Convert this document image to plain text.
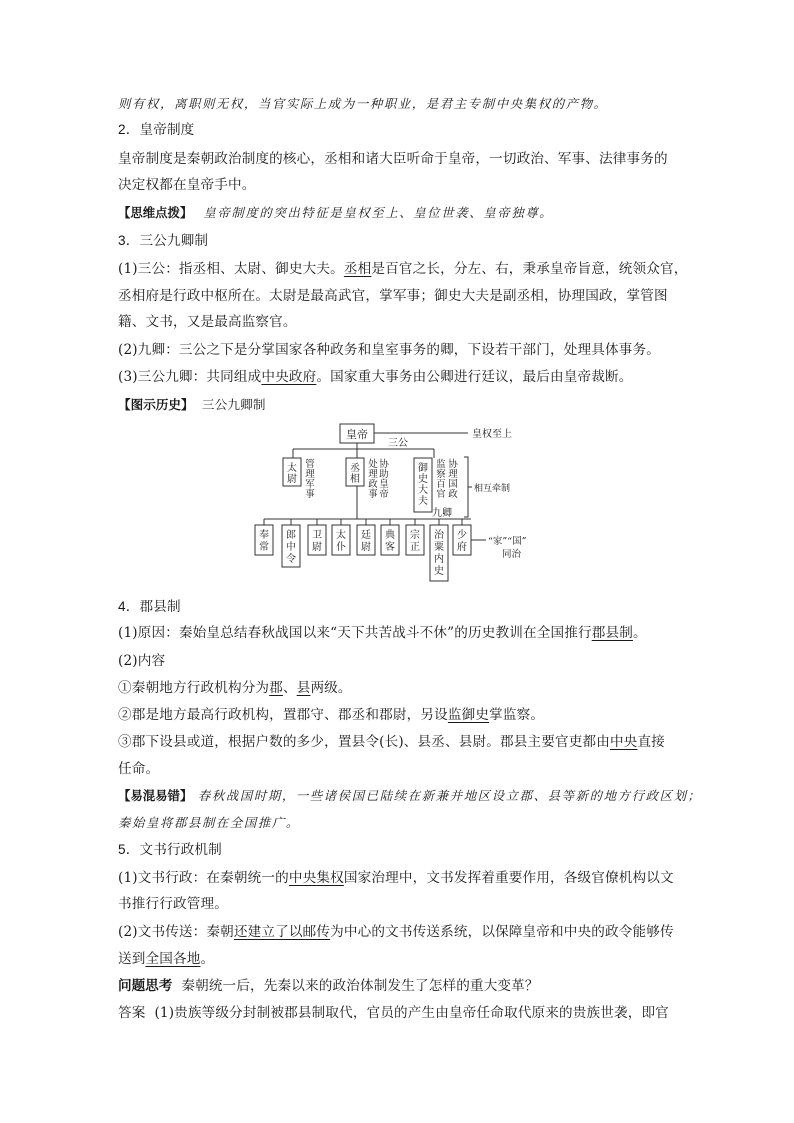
则有权，离职则无权，当官实际上成为一种职业，是君主专制中央集权的产物。
2．皇帝制度
皇帝制度是秦朝政治制度的核心，丞相和诸大臣听命于皇帝，一切政治、军事、法律事务的
决定权都在皇帝手中。
【思维点拨】 皇帝制度的突出特征是皇权至上、皇位世袭、皇帝独尊。
3．三公九卿制
(1)三公：指丞相、太尉、御史大夫。丞相是百官之长，分左、右，秉承皇帝旨意，统领众官，
丞相府是行政中枢所在。太尉是最高武官，掌军事；御史大夫是副丞相，协理国政，掌管图
籍、文书，又是最高监察官。
(2)九卿：三公之下是分掌国家各种政务和皇室事务的卿，下设若干部门，处理具体事务。
(3)三公九卿：共同组成中央政府。国家重大事务由公卿进行廷议，最后由皇帝裁断。
【图示历史】 三公九卿制
皇帝
三公
皇权至上
太
尉
丞
相
御
史
大
夫
管
理
军
事
处
理
政
事
协
助
皇
帝
监
察
百
官
协
理
国
政 相互牵制
九卿
奉
常
郎
中
令
卫
尉
太
仆
廷
尉
典
客
宗
正
治
粟
内
史
少
府
“家”“国”
同治
4．郡县制
(1)原因：秦始皇总结春秋战国以来“天下共苦战斗不休”的历史教训在全国推行郡县制。
(2)内容
①秦朝地方行政机构分为郡、县两级。
②郡是地方最高行政机构，置郡守、郡丞和郡尉，另设监御史掌监察。
③郡下设县或道，根据户数的多少，置县令(长)、县丞、县尉。郡县主要官吏都由中央直接
任命。
【易混易错】 春秋战国时期，一些诸侯国已陆续在新兼并地区设立郡、县等新的地方行政区划；
秦始皇将郡县制在全国推广。
5．文书行政机制
(1)文书行政：在秦朝统一的中央集权国家治理中，文书发挥着重要作用，各级官僚机构以文
书推行行政管理。
(2)文书传送：秦朝还建立了以邮传为中心的文书传送系统，以保障皇帝和中央的政令能够传
送到全国各地。
问题思考 秦朝统一后，先秦以来的政治体制发生了怎样的重大变革？
答案 (1)贵族等级分封制被郡县制取代，官员的产生由皇帝任命取代原来的贵族世袭，即官
